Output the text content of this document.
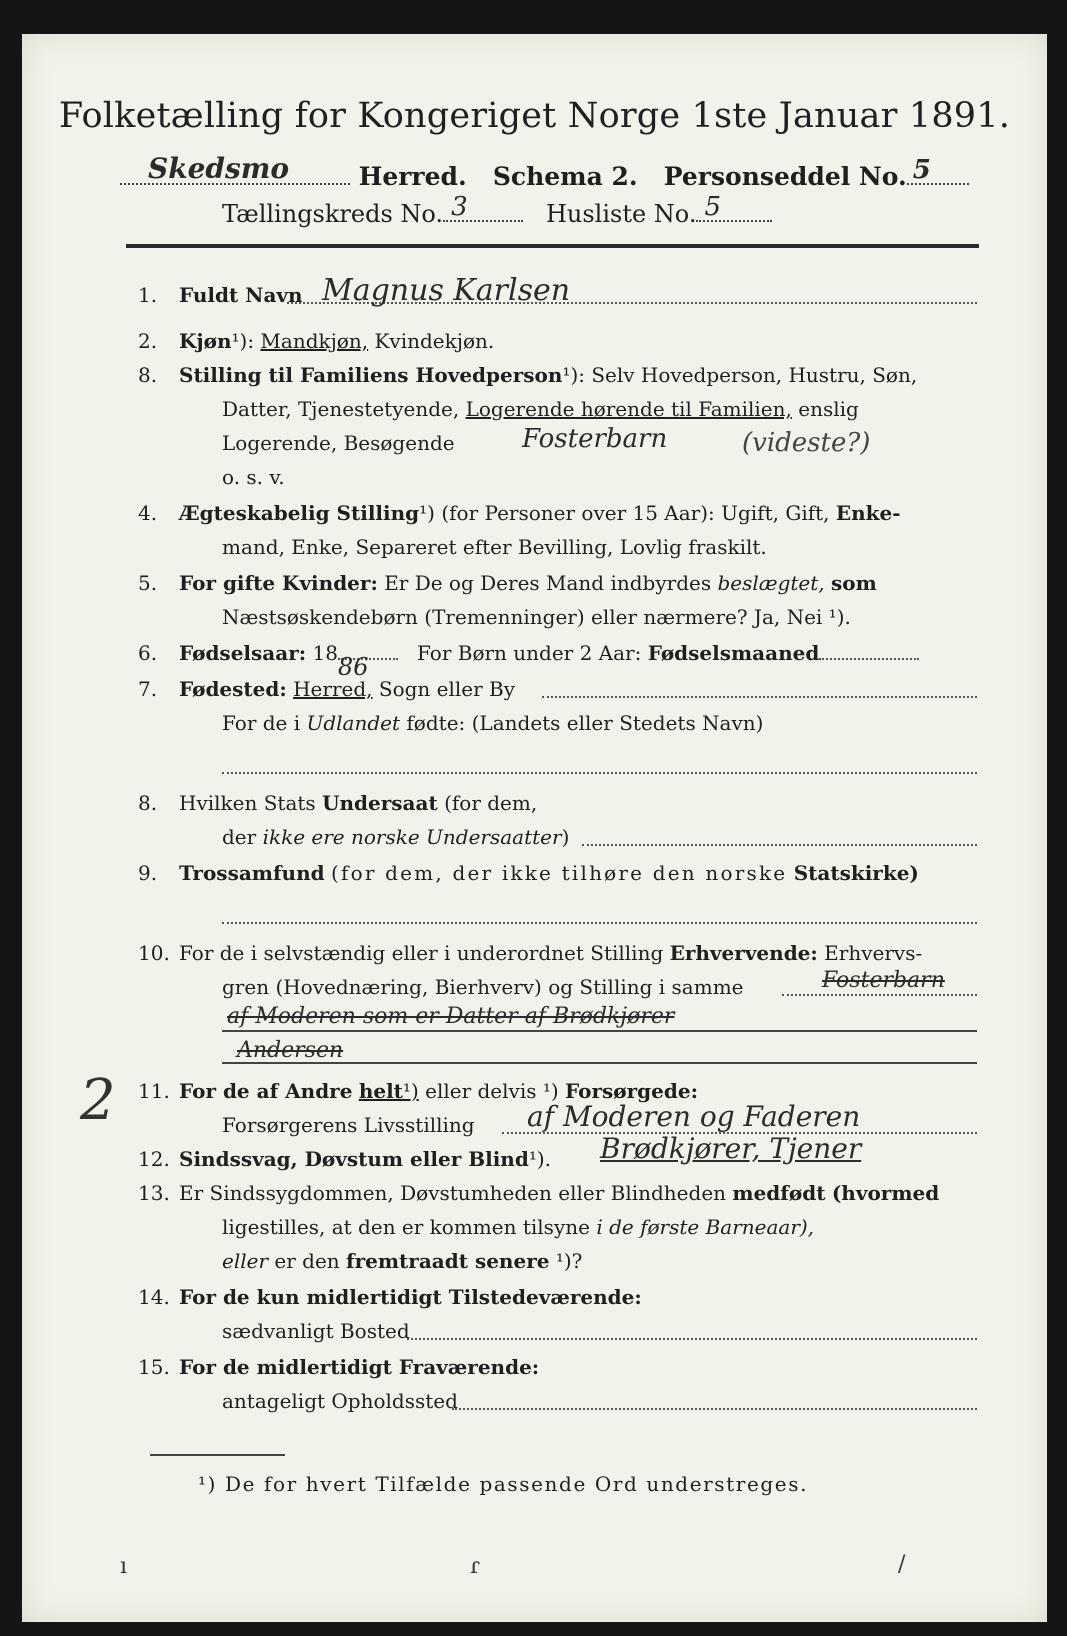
Folketælling for Kongeriget Norge 1ste Januar 1891.
Skedsmo	Herred. Schema 2. Personseddel No. 5
Tællingskreds No. 3	Husliste No. 5
1.	Fuldt Navn Magnus Karlsen
2.	Kjøn¹): Mandkjøn, Kvindekjøn.
8.	Stilling til Familiens Hovedperson¹): Selv Hovedperson, Hustru, Søn,
Datter, Tjenestetyende, Logerende hørende til Familien, enslig
Logerende, Besøgende	Fosterbarn	(videste?)
o. s. v.
4.	Ægteskabelig Stilling¹) (for Personer over 15 Aar): Ugift, Gift, Enke-
mand, Enke, Separeret efter Bevilling, Lovlig fraskilt.
5.	For gifte Kvinder: Er De og Deres Mand indbyrdes beslægtet, som
Næstsøskendebørn (Tremenninger) eller nærmere? Ja, Nei ¹).
6.	Fødselsaar: 18 86 For Børn under 2 Aar: Fødselsmaaned
7.	Fødested: Herred, Sogn eller By
For de i Udlandet fødte: (Landets eller Stedets Navn)
8.	Hvilken Stats Undersaat (for dem,
der ikke ere norske Undersaatter)
9.	Trossamfund (for dem, der ikke tilhøre den norske Statskirke)
10. For de i selvstændig eller i underordnet Stilling Erhvervende: Erhvervs-
gren (Hovednæring, Bierhverv) og Stilling i samme	Fosterbarn
af Moderen som er Datter af Brødkjører
Andersen
2 11. For de af Andre helt¹) eller delvis ¹) Forsørgede:
Forsørgerens Livsstilling	af Moderen og Faderen
12. Sindssvag, Døvstum eller Blind¹).	Brødkjører, Tjener
13. Er Sindssygdommen, Døvstumheden eller Blindheden medfødt (hvormed
ligestilles, at den er kommen tilsyne i de første Barneaar),
eller er den fremtraadt senere ¹)?
14. For de kun midlertidigt Tilstedeværende:
sædvanligt Bosted
15. For de midlertidigt Fraværende:
antageligt Opholdssted
¹) De for hvert Tilfælde passende Ord understreges.
ı	ɾ	/
